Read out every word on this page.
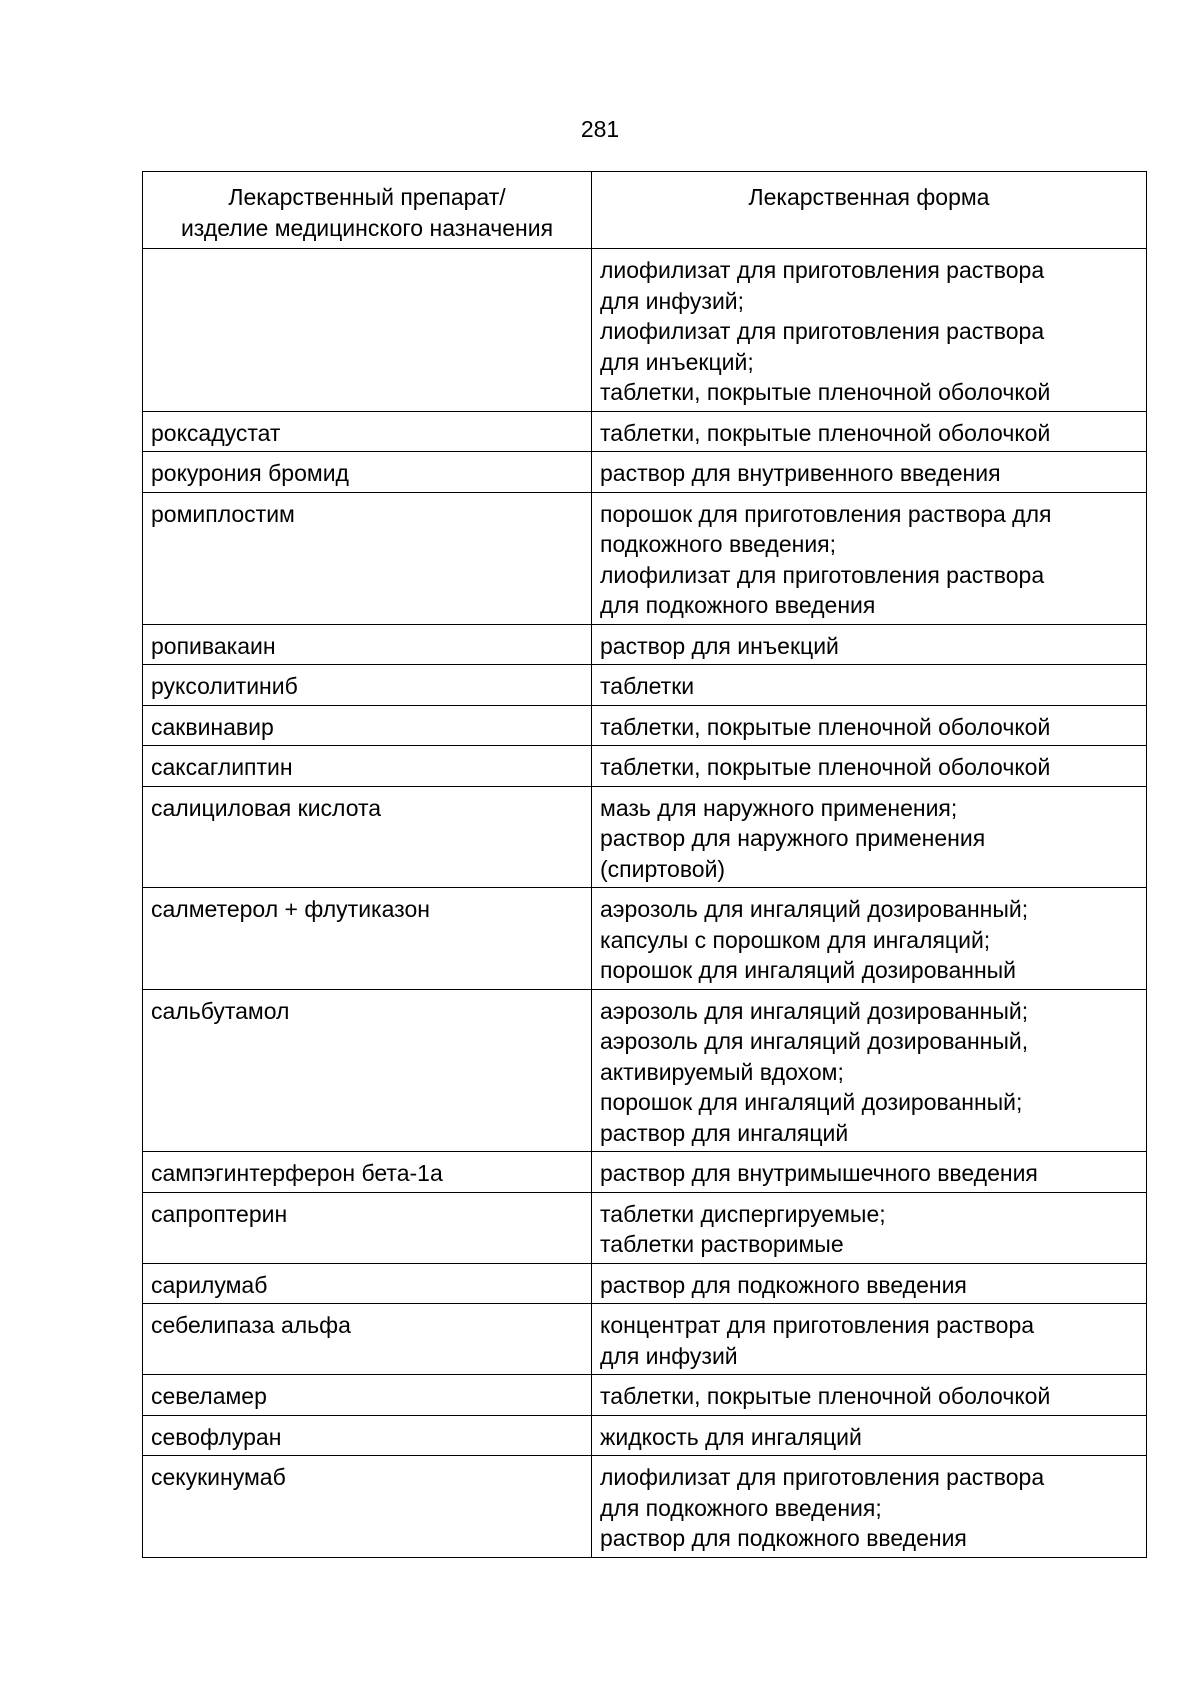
281
Лекарственный препарат/
изделие медицинского назначения	Лекарственная форма

	лиофилизат для приготовления раствора
для инфузий;
лиофилизат для приготовления раствора
для инъекций;
таблетки, покрытые пленочной оболочкой

роксадустат	таблетки, покрытые пленочной оболочкой

рокурония бромид	раствор для внутривенного введения

ромиплостим	порошок для приготовления раствора для
подкожного введения;
лиофилизат для приготовления раствора
для подкожного введения

ропивакаин	раствор для инъекций

руксолитиниб	таблетки

саквинавир	таблетки, покрытые пленочной оболочкой

саксаглиптин	таблетки, покрытые пленочной оболочкой

салициловая кислота	мазь для наружного применения;
раствор для наружного применения
(спиртовой)

салметерол + флутиказон	аэрозоль для ингаляций дозированный;
капсулы с порошком для ингаляций;
порошок для ингаляций дозированный

сальбутамол	аэрозоль для ингаляций дозированный;
аэрозоль для ингаляций дозированный,
активируемый вдохом;
порошок для ингаляций дозированный;
раствор для ингаляций

сампэгинтерферон бета-1а	раствор для внутримышечного введения

сапроптерин	таблетки диспергируемые;
таблетки растворимые

сарилумаб	раствор для подкожного введения

себелипаза альфа	концентрат для приготовления раствора
для инфузий

севеламер	таблетки, покрытые пленочной оболочкой

севофлуран	жидкость для ингаляций

секукинумаб	лиофилизат для приготовления раствора
для подкожного введения;
раствор для подкожного введения
